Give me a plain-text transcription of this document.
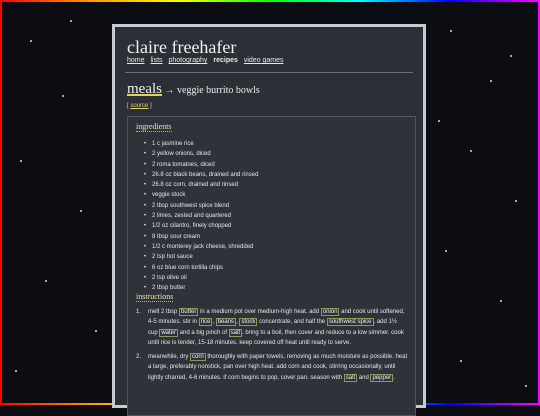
claire freehafer
home lists photography recipes video games
meals → veggie burrito bowls
[ source ]
ingredients
• 1 c jasmine rice
• 2 yellow onions, diced
• 2 roma tomatoes, diced
• 26.8 oz black beans, drained and rinsed
• 26.8 oz corn, drained and rinsed
• veggie stock
• 2 tbsp southwest spice blend
• 2 limes, zested and quartered
• 1/2 oz cilantro, finely chopped
• 8 tbsp sour cream
• 1/2 c monterey jack cheese, shredded
• 2 tsp hot sauce
• 6 oz blue corn tortilla chips
• 2 tsp olive oil
• 2 tbsp butter
instructions
1. melt 2 tbsp butter in a medium pot over medium-high heat. add onion and cook until softened, 4-5 minutes. stir in rice , beans , stock concentrate, and half the southwest spice . add 1½ cup water and a big pinch of salt . bring to a boil, then cover and reduce to a low simmer. cook until rice is tender, 15-18 minutes. keep covered off heat until ready to serve.
2. meanwhile, dry corn thoroughly with paper towels, removing as much moisture as possible. heat a large, preferably nonstick, pan over high heat. add corn and cook, stirring occasionally, until lightly charred, 4-6 minutes. if corn begins to pop, cover pan. season with salt and pepper .
